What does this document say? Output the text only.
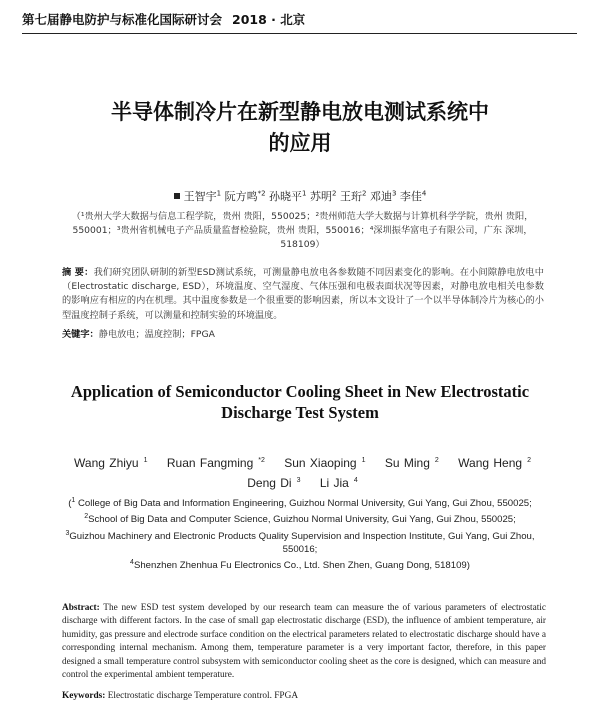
第七届静电防护与标准化国际研讨会 2018 · 北京
半导体制冷片在新型静电放电测试系统中
的应用
王智宇$^1$ 阮方鸣$^{*2}$ 孙晓平$^1$ 苏明$^2$ 王珩$^2$ 邓迪$^3$ 李佳$^4$
（¹贵州大学大数据与信息工程学院，贵州 贵阳，550025；²贵州师范大学大数据与计算机科学学院，贵州 贵阳，550001；³贵州省机械电子产品质量监督检验院，贵州 贵阳，550016；⁴深圳振华富电子有限公司，广东 深圳，518109）
摘 要：我们研究团队研制的新型ESD测试系统，可测量静电放电各参数随不同因素变化的影响。在小间隙静电放电中（Electrostatic discharge, ESD），环境温度、空气湿度、气体压强和电极表面状况等因素，对静电放电相关电参数的影响应有相应的内在机理。其中温度参数是一个很重要的影响因素，所以本文设计了一个以半导体制冷片为核心的小型温度控制子系统，可以测量和控制实验的环境温度。
关键字：静电放电；温度控制；FPGA
Application of Semiconductor Cooling Sheet in New Electrostatic
Discharge Test System
Wang Zhiyu $^1$ Ruan Fangming $^{*2}$ Sun Xiaoping $^1$ Su Ming $^2$ Wang Heng $^2$
Deng Di $^3$ Li Jia $^4$
($^1$ College of Big Data and Information Engineering, Guizhou Normal University, Gui Yang, Gui Zhou, 550025;
$^2$School of Big Data and Computer Science, Guizhou Normal University, Gui Yang, Gui Zhou, 550025;
$^3$Guizhou Machinery and Electronic Products Quality Supervision and Inspection Institute, Gui Yang, Gui Zhou, 550016;
$^4$Shenzhen Zhenhua Fu Electronics Co., Ltd. Shen Zhen, Guang Dong, 518109)
Abstract: The new ESD test system developed by our research team can measure the of various parameters of electrostatic discharge with different factors. In the case of small gap electrostatic discharge (ESD), the influence of ambient temperature, air humidity, gas pressure and electrode surface condition on the electrical parameters related to electrostatic discharge should have a corresponding internal mechanism. Among them, temperature parameter is a very important factor, therefore, in this paper designed a small temperature control subsystem with semiconductor cooling sheet as the core is designed, which can measure and control the experimental ambient temperature.
Keywords: Electrostatic discharge Temperature control. FPGA
